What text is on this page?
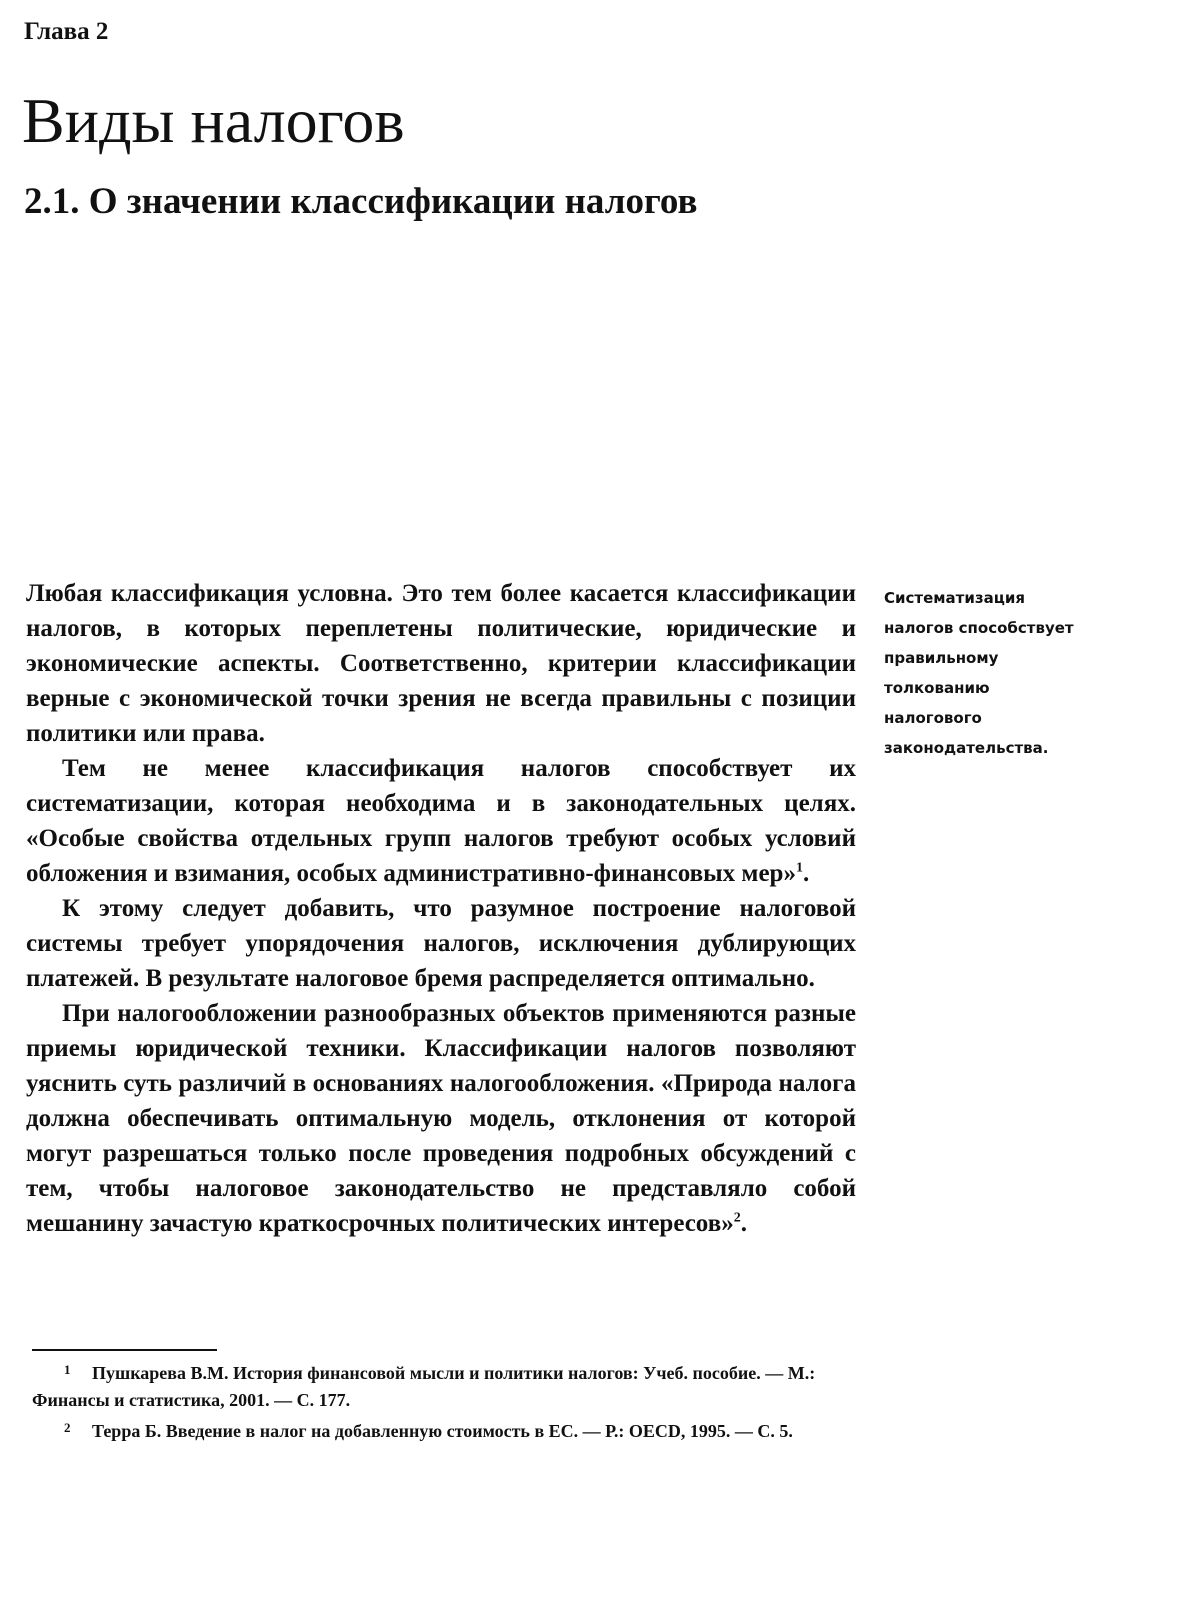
Глава 2
Виды налогов
2.1. О значении классификации налогов

Любая классификация условна. Это тем более касается классификации налогов, в которых переплетены политические, юридические и экономические аспекты. Соответственно, критерии классификации верные с экономической точки зрения не всегда правильны с позиции политики или права.

Тем не менее классификация налогов способствует их систематизации, которая необходима и в законодательных целях. «Особые свойства отдельных групп налогов требуют особых условий обложения и взимания, особых административно-финансовых мер»$^1$.

К этому следует добавить, что разумное построение налоговой системы требует упорядочения налогов, исключения дублирующих платежей. В результате налоговое бремя распределяется оптимально.

При налогообложении разнообразных объектов применяются разные приемы юридической техники. Классификации налогов позволяют уяснить суть различий в основаниях налогообложения. «Природа налога должна обеспечивать оптимальную модель, отклонения от которой могут разрешаться только после проведения подробных обсуждений с тем, чтобы налоговое законодательство не представляло собой мешанину зачастую краткосрочных политических интересов»$^2$.

Систематизация
налогов способствует
правильному
толкованию
налогового
законодательства.

1 Пушкарева В.М. История финансовой мысли и политики налогов: Учеб. пособие. — М.: Финансы и статистика, 2001. — С. 177.

2 Терра Б. Введение в налог на добавленную стоимость в ЕС. — Р.: OECD, 1995. — С. 5.
